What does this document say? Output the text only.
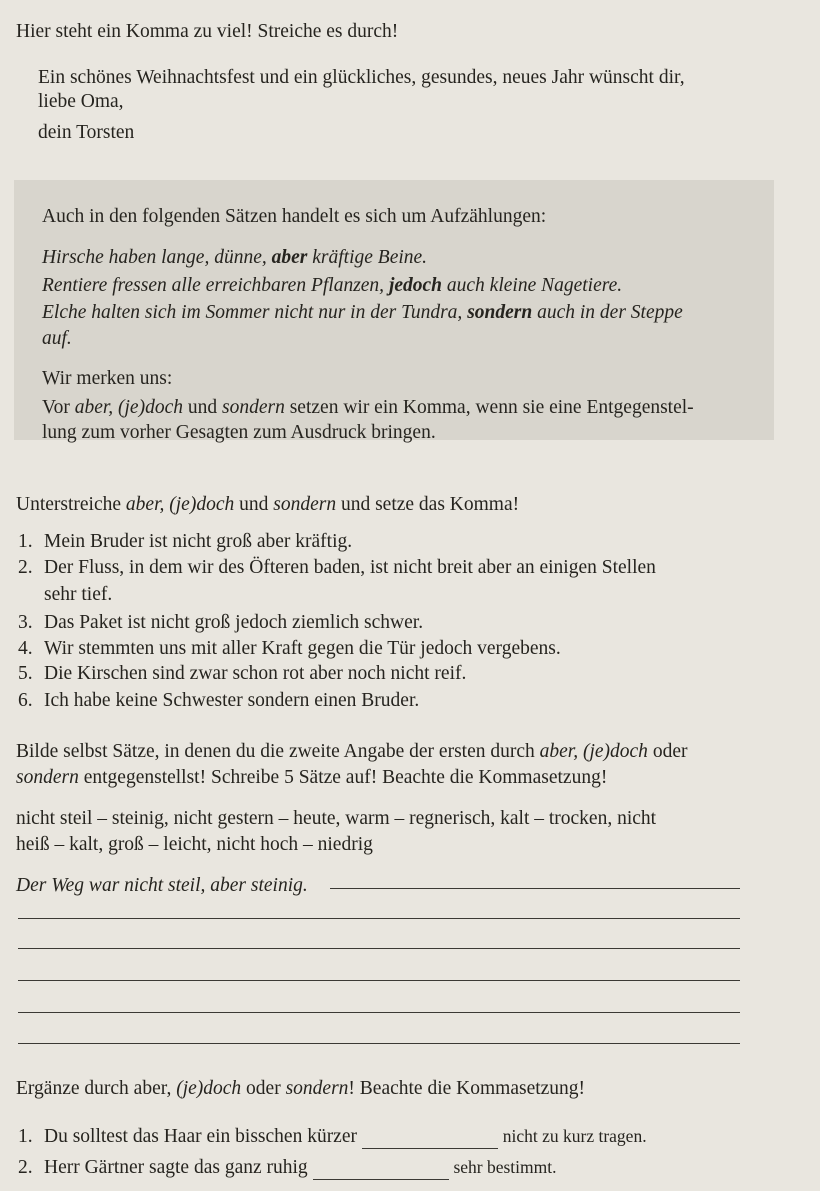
Hier steht ein Komma zu viel! Streiche es durch!
Ein schönes Weihnachtsfest und ein glückliches, gesundes, neues Jahr wünscht dir,
liebe Oma,
dein Torsten
Auch in den folgenden Sätzen handelt es sich um Aufzählungen:
Hirsche haben lange, dünne, aber kräftige Beine.
Rentiere fressen alle erreichbaren Pflanzen, jedoch auch kleine Nagetiere.
Elche halten sich im Sommer nicht nur in der Tundra, sondern auch in der Steppe
auf.
Wir merken uns:
Vor aber, (je)doch und sondern setzen wir ein Komma, wenn sie eine Entgegenstel-
lung zum vorher Gesagten zum Ausdruck bringen.
Unterstreiche aber, (je)doch und sondern und setze das Komma!
1. Mein Bruder ist nicht groß aber kräftig.
2. Der Fluss, in dem wir des Öfteren baden, ist nicht breit aber an einigen Stellen
sehr tief.
3. Das Paket ist nicht groß jedoch ziemlich schwer.
4. Wir stemmten uns mit aller Kraft gegen die Tür jedoch vergebens.
5. Die Kirschen sind zwar schon rot aber noch nicht reif.
6. Ich habe keine Schwester sondern einen Bruder.
Bilde selbst Sätze, in denen du die zweite Angabe der ersten durch aber, (je)doch oder
sondern entgegenstellst! Schreibe 5 Sätze auf! Beachte die Kommasetzung!
nicht steil – steinig, nicht gestern – heute, warm – regnerisch, kalt – trocken, nicht
heiß – kalt, groß – leicht, nicht hoch – niedrig
Der Weg war nicht steil, aber steinig.
Ergänze durch aber, (je)doch oder sondern! Beachte die Kommasetzung!
1. Du solltest das Haar ein bisschen kürzer	nicht zu kurz tragen.
2. Herr Gärtner sagte das ganz ruhig	sehr bestimmt.
